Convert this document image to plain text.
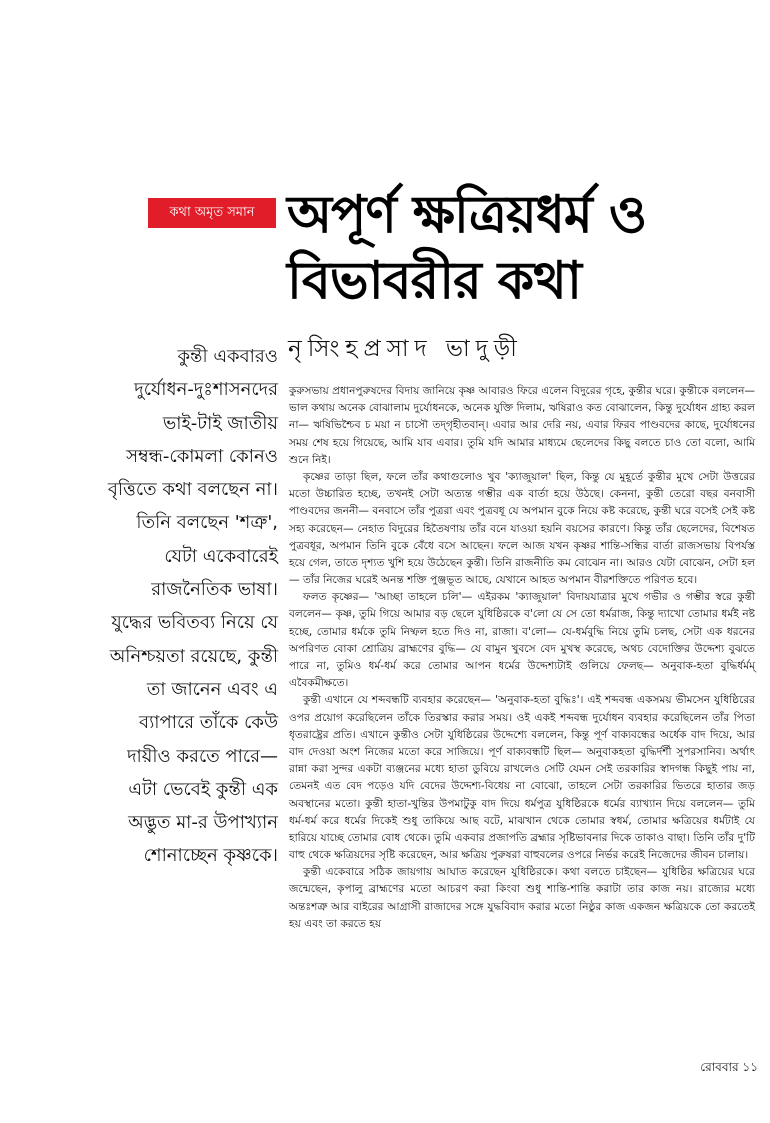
কথা অমৃত সমান অপূর্ণ ক্ষত্রিয়ধর্ম ও
বিভাবরীর কথা
নৃসিংহপ্রসাদ ভাদুড়ী
কুন্তী একবারও
দুর্যোধন-দুঃশাসনদের
ভাই-টাই জাতীয়
সম্বন্ধ-কোমলা কোনও
বৃত্তিতে কথা বলছেন না।
তিনি বলছেন 'শত্রু',
যেটা একেবারেই
রাজনৈতিক ভাষা।
যুদ্ধের ভবিতব্য নিয়ে যে
অনিশ্চয়তা রয়েছে, কুন্তী
তা জানেন এবং এ
ব্যাপারে তাঁকে কেউ
দায়ীও করতে পারে—
এটা ভেবেই কুন্তী এক
অদ্ভুত মা-র উপাখ্যান
শোনাচ্ছেন কৃষ্ণকে।

কুরুসভায় প্রধানপুরুষদের বিদায় জানিয়ে কৃষ্ণ আবারও ফিরে এলেন বিদুরের গৃহে, কুন্তীর ঘরে। কুন্তীকে বললেন— ভাল কথায় অনেক বোঝালাম দুর্যোধনকে, অনেক যুক্তি দিলাম, ঋষিরাও কত বোঝালেন, কিন্তু দুর্যোধন গ্রাহ্য করল না— ঋষিভিশ্চৈব চ ময়া ন চাসৌ তদ্‌গৃহীতবান্। এবার আর দেরি নয়, এবার ফিরব পাণ্ডবদের কাছে, দুর্যোধনের সময় শেষ হয়ে গিয়েছে, আমি যাব এবার। তুমি যদি আমার মাধ্যমে ছেলেদের কিছু বলতে চাও তো বলো, আমি শুনে নিই।

কৃষ্ণের তাড়া ছিল, ফলে তাঁর কথাগুলোও খুব 'ক্যাজুয়াল' ছিল, কিন্তু যে মুহূর্তে কুন্তীর মুখে সেটা উত্তরের মতো উচ্চারিত হচ্ছে, তখনই সেটা অত্যন্ত গম্ভীর এক বার্তা হয়ে উঠছে। কেননা, কুন্তী তেরো বছর বনবাসী পাণ্ডবদের জননী— বনবাসে তাঁর পুত্ররা এবং পুত্রবধূ যে অপমান বুকে নিয়ে কষ্ট করেছে, কুন্তী ঘরে বসেই সেই কষ্ট সহ্য করেছেন— নেহাত বিদুরের হিতৈষণায় তাঁর বনে যাওয়া হয়নি বয়সের কারণে। কিন্তু তাঁর ছেলেদের, বিশেষত পুত্রবধূর, অপমান তিনি বুকে বেঁধে বসে আছেন। ফলে আজ যখন কৃষ্ণর শান্তি-সন্ধির বার্তা রাজসভায় বিপর্যস্ত হয়ে গেল, তাতে দৃশ্যত খুশি হয়ে উঠেছেন কুন্তী। তিনি রাজনীতি কম বোঝেন না। আরও যেটা বোঝেন, সেটা হল— তাঁর নিজের ঘরেই অনন্ত শক্তি পুঞ্জভূত আছে, যেখানে আহত অপমান বীরশক্তিতে পরিণত হবে।

ফলত কৃষ্ণের— 'আচ্ছা তাহলে চলি'— এইরকম 'ক্যাজুয়াল' বিদায়যাত্রার মুখে গভীর ও গম্ভীর স্বরে কুন্তী বললেন— কৃষ্ণ, তুমি গিয়ে আমার বড় ছেলে যুধিষ্ঠিরকে ব'লো যে সে তো ধর্মরাজ, কিন্তু দ্যাখো তোমার ধর্মই নষ্ট হচ্ছে, তোমার ধর্মকে তুমি নিষ্ফল হতে দিও না, রাজা। ব'লো— যে-ধর্মবুদ্ধি নিয়ে তুমি চলছ, সেটা এক ধরনের অপরিণত বোকা শ্রোত্রিয় ব্রাহ্মণের বুদ্ধি— যে বামুন খুবসে বেদ মুখস্থ করেছে, অথচ বেদোক্তির উদ্দেশ্য বুঝতে পারে না, তুমিও ধর্ম-ধর্ম করে তোমার আপন ধর্মের উদ্দেশ্যটাই গুলিয়ে ফেলছ— অনুবাক-হতা বুদ্ধির্ধর্মম্ এবৈকমীক্ষতে।

কুন্তী এখানে যে শব্দবন্ধটি ব্যবহার করেছেন— 'অনুবাক-হতা বুদ্ধিঃ'। এই শব্দবন্ধ একসময় ভীমসেন যুধিষ্ঠিরের ওপর প্রয়োগ করেছিলেন তাঁকে তিরস্কার করার সময়। ওই একই শব্দবন্ধ দুর্যোধন ব্যবহার করেছিলেন তাঁর পিতা ধৃতরাষ্ট্রের প্রতি। এখানে কুন্তীও সেটা যুধিষ্ঠিরের উদ্দেশ্যে বললেন, কিন্তু পূর্ণ বাক্যবন্ধের অর্ধেক বাদ দিয়ে, আর বাদ দেওয়া অংশ নিজের মতো করে সাজিয়ে। পূর্ণ বাক্যবন্ধটি ছিল— অনুবাকহতা বুদ্ধির্দর্শী সুপরসানিব। অর্থাৎ রান্না করা সুন্দর একটা ব্যঞ্জনের মধ্যে হাতা ডুবিয়ে রাখলেও সেটি যেমন সেই তরকারির স্বাদগন্ধ কিছুই পায় না, তেমনই এত বেদ পড়েও যদি বেদের উদ্দেশ্য-বিধেয় না বোঝো, তাহলে সেটা তরকারির ভিতরে হাতার জড় অবস্থানের মতো। কুন্তী হাতা-খুন্তির উপমাটুকু বাদ দিয়ে ধর্মপুত্র যুধিষ্ঠিরকে ধর্মের ব্যাখ্যান দিয়ে বললেন— তুমি ধর্ম-ধর্ম করে ধর্মের দিকেই শুধু তাকিয়ে আছ বটে, মাঝখান থেকে তোমার স্বধর্ম, তোমার ক্ষত্রিয়ের ধর্মটাই যে হারিয়ে যাচ্ছে তোমার বোধ থেকে। তুমি একবার প্রজাপতি ব্রহ্মার সৃষ্টিভাবনার দিকে তাকাও বাছা। তিনি তাঁর দু'টি বাহু থেকে ক্ষত্রিয়দের সৃষ্টি করেছেন, আর ক্ষত্রিয় পুরুষরা বাহুবলের ওপরে নির্ভর করেই নিজেদের জীবন চালায়।

কুন্তী একেবারে সঠিক জায়গায় আঘাত করেছেন যুধিষ্ঠিরকে। কথা বলতে চাইছেন— যুধিষ্ঠির ক্ষত্রিয়ের ঘরে জন্মেছেন, কৃপালু ব্রাহ্মণের মতো আচরণ করা কিংবা শুধু শান্তি-শান্তি করাটা তার কাজ নয়। রাজ্যের মধ্যে অন্তঃশত্রু আর বাইরের আগ্রাসী রাজাদের সঙ্গে যুদ্ধবিবাদ করার মতো নিষ্ঠুর কাজ একজন ক্ষত্রিয়কে তো করতেই হয় এবং তা করতে হয়

রোববার ১১
